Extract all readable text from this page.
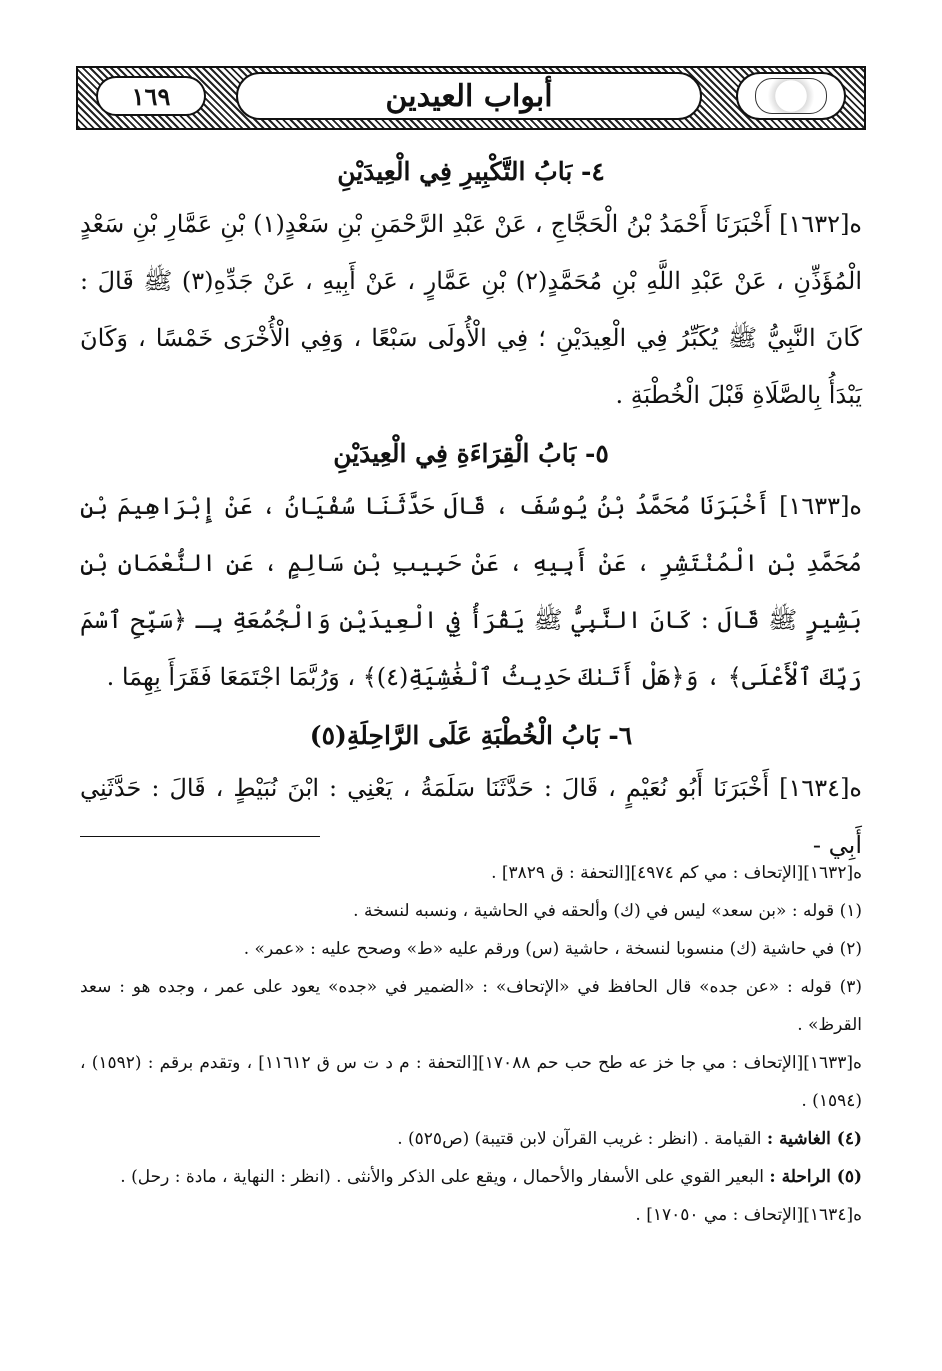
١٦٩	أبواب العيدين
٤- بَابُ التَّكْبِيرِ فِي الْعِيدَيْنِ

ه[١٦٣٢] أَخْبَرَنَا أَحْمَدُ بْنُ الْحَجَّاجِ ، عَنْ عَبْدِ الرَّحْمَنِ بْنِ سَعْدٍ(١) بْنِ عَمَّارِ بْنِ سَعْدٍ الْمُؤَذِّنِ ، عَنْ عَبْدِ اللَّهِ بْنِ مُحَمَّدٍ(٢) بْنِ عَمَّارٍ ، عَنْ أَبِيهِ ، عَنْ جَدِّهِ(٣) ﷺ قَالَ : كَانَ النَّبِيُّ ﷺ يُكَبِّرُ فِي الْعِيدَيْنِ ؛ فِي الْأُولَى سَبْعًا ، وَفِي الْأُخْرَى خَمْسًا ، وَكَانَ يَبْدَأُ بِالصَّلَاةِ قَبْلَ الْخُطْبَةِ .

٥- بَابُ الْقِرَاءَةِ فِي الْعِيدَيْنِ

ه[١٦٣٣] أَخْبَرَنَا مُحَمَّدُ بْنُ يُوسُفَ ، قَالَ حَدَّثَنَا سُفْيَانُ ، عَنْ إِبْرَاهِيمَ بْنِ مُحَمَّدِ بْنِ الْمُنْتَشِرِ ، عَنْ أَبِيهِ ، عَنْ حَبِيبِ بْنِ سَالِمٍ ، عَنِ النُّعْمَانِ بْنِ بَشِيرٍ ﷺ قَالَ : كَانَ النَّبِيُّ ﷺ يَقْرَأُ فِي الْعِيدَيْنِ وَالْجُمُعَةِ بِـ ﴿سَبِّحِ ٱسْمَ رَبِّكَ ٱلْأَعْلَى﴾ ، وَ﴿هَلْ أَتَىٰكَ حَدِيثُ ٱلْغَٰشِيَةِ(٤)﴾ ، وَرُبَّمَا اجْتَمَعَا فَقَرَأَ بِهِمَا .

٦- بَابُ الْخُطْبَةِ عَلَى الرَّاحِلَةِ(٥)

ه[١٦٣٤] أَخْبَرَنَا أَبُو نُعَيْمٍ ، قَالَ : حَدَّثَنَا سَلَمَةُ ، يَعْنِي : ابْنَ نُبَيْطٍ ، قَالَ : حَدَّثَنِي أَبِي -

ه[١٦٣٢][الإتحاف : مي كم ٤٩٧٤][التحفة : ق ٣٨٢٩] .

(١) قوله : «بن سعد» ليس في (ك) وألحقه في الحاشية ، ونسبه لنسخة .

(٢) في حاشية (ك) منسوبا لنسخة ، حاشية (س) ورقم عليه «ط» وصحح عليه : «عمر» .

(٣) قوله : «عن جده» قال الحافظ في «الإتحاف» : «الضمير في «جده» يعود على عمر ، وجده هو : سعد القرظ» .

ه[١٦٣٣][الإتحاف : مي جا خز عه طح حب حم ١٧٠٨٨][التحفة : م د ت س ق ١١٦١٢] ، وتقدم برقم : (١٥٩٢) ، (١٥٩٤) .

(٤) الغاشية : القيامة . (انظر : غريب القرآن لابن قتيبة) (ص٥٢٥) .

(٥) الراحلة : البعير القوي على الأسفار والأحمال ، ويقع على الذكر والأنثى . (انظر : النهاية ، مادة : رحل) .

ه[١٦٣٤][الإتحاف : مي ١٧٠٥٠] .
